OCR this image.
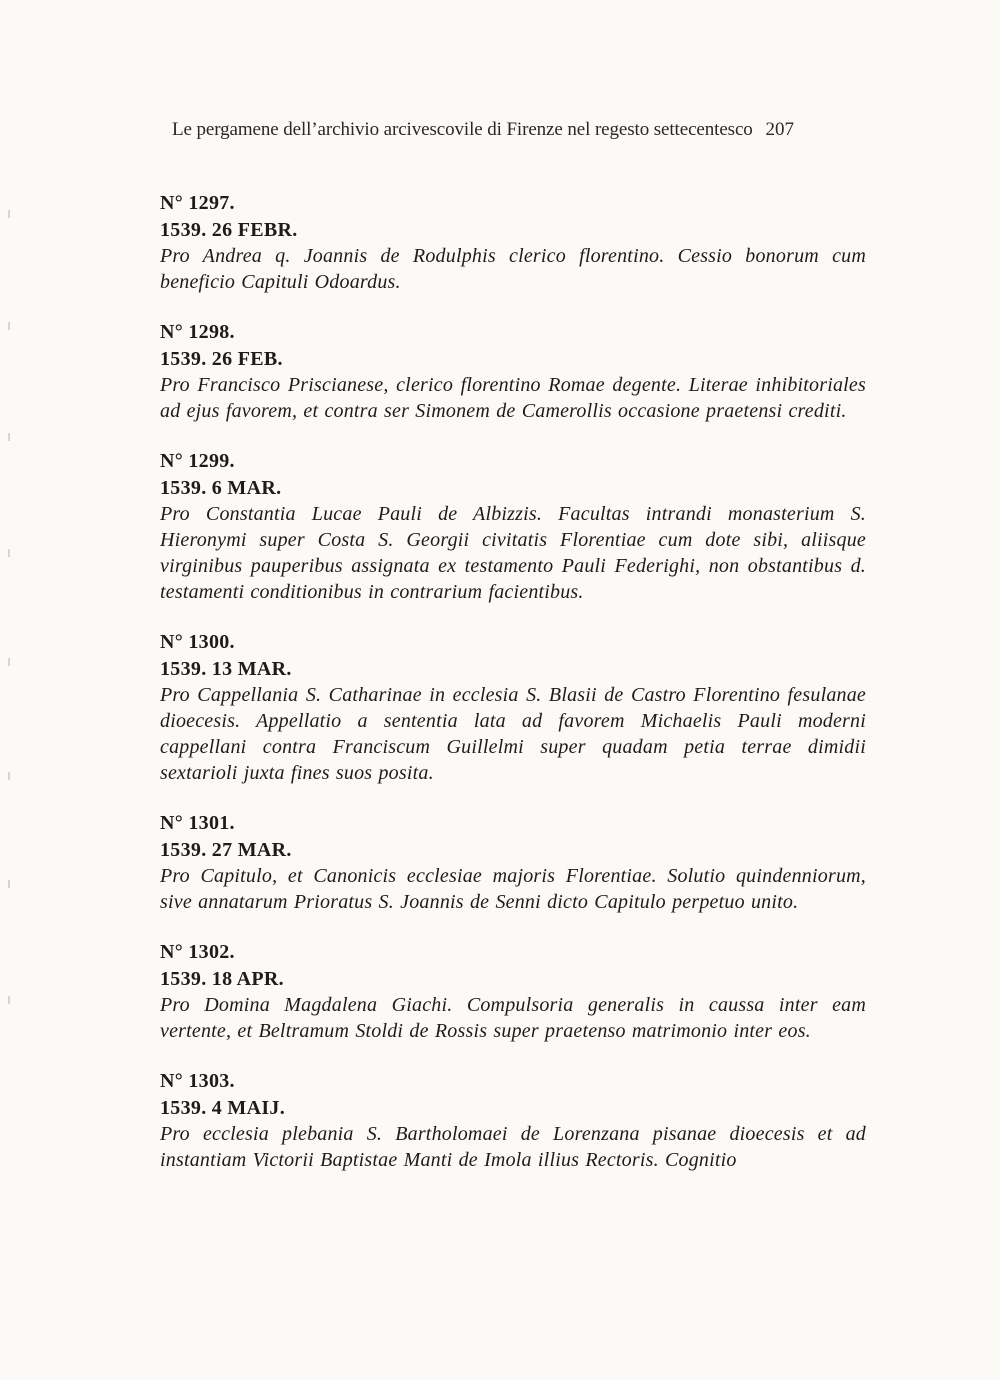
Le pergamene dell’archivio arcivescovile di Firenze nel regesto settecentesco 207
N° 1297.
1539. 26 FEBR.
Pro Andrea q. Joannis de Rodulphis clerico florentino. Cessio bonorum cum beneficio Capituli Odoardus.
N° 1298.
1539. 26 FEB.
Pro Francisco Priscianese, clerico florentino Romae degente. Literae inhibitoriales ad ejus favorem, et contra ser Simonem de Camerollis occasione praetensi crediti.
N° 1299.
1539. 6 MAR.
Pro Constantia Lucae Pauli de Albizzis. Facultas intrandi monasterium S. Hieronymi super Costa S. Georgii civitatis Florentiae cum dote sibi, aliisque virginibus pauperibus assignata ex testamento Pauli Federighi, non obstantibus d. testamenti conditionibus in contrarium facientibus.
N° 1300.
1539. 13 MAR.
Pro Cappellania S. Catharinae in ecclesia S. Blasii de Castro Florentino fesulanae dioecesis. Appellatio a sententia lata ad favorem Michaelis Pauli moderni cappellani contra Franciscum Guillelmi super quadam petia terrae dimidii sextarioli juxta fines suos posita.
N° 1301.
1539. 27 MAR.
Pro Capitulo, et Canonicis ecclesiae majoris Florentiae. Solutio quindenniorum, sive annatarum Prioratus S. Joannis de Senni dicto Capitulo perpetuo unito.
N° 1302.
1539. 18 APR.
Pro Domina Magdalena Giachi. Compulsoria generalis in caussa inter eam vertente, et Beltramum Stoldi de Rossis super praetenso matrimonio inter eos.
N° 1303.
1539. 4 MAIJ.
Pro ecclesia plebania S. Bartholomaei de Lorenzana pisanae dioecesis et ad instantiam Victorii Baptistae Manti de Imola illius Rectoris. Cognitio
